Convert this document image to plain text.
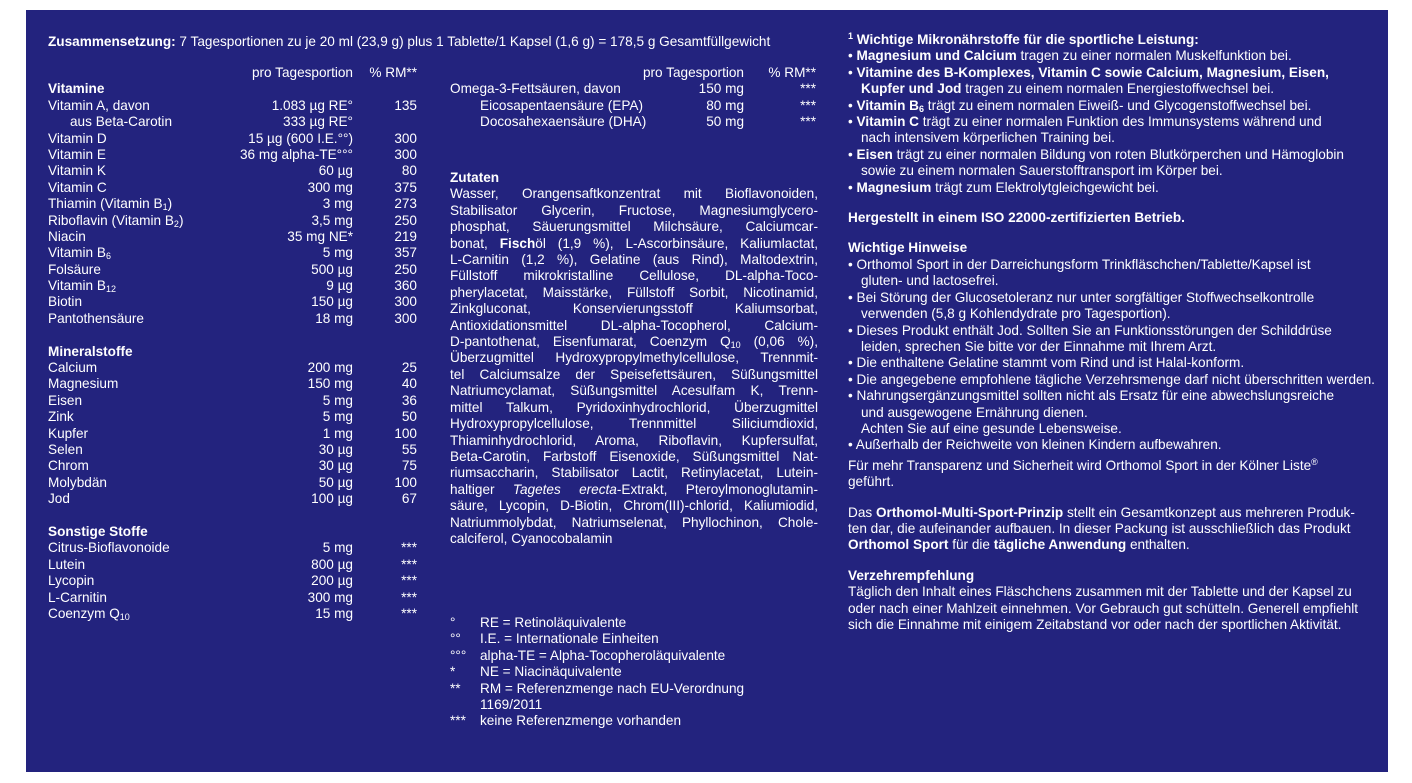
Zusammensetzung: 7 Tagesportionen zu je 20 ml (23,9 g) plus 1 Tablette/1 Kapsel (1,6 g) = 178,5 g Gesamtfüllgewicht
pro Tagesportion % RM**
Vitamine
Vitamin A, davon	1.083 µg RE°	135
aus Beta-Carotin	333 µg RE°
Vitamin D	15 µg (600 I.E.°°)	300
Vitamin E	36 mg alpha-TE°°°	300
Vitamin K	60 µg	80
Vitamin C	300 mg	375
Thiamin (Vitamin $B_1$)	3 mg	273
Riboflavin (Vitamin $B_2$)	3,5 mg	250
Niacin	35 mg NE*	219
Vitamin $B_6$	5 mg	357
Folsäure	500 µg	250
Vitamin $B_{12}$	9 µg	360
Biotin	150 µg	300
Pantothensäure	18 mg	300
Mineralstoffe
Calcium	200 mg	25
Magnesium	150 mg	40
Eisen	5 mg	36
Zink	5 mg	50
Kupfer	1 mg	100
Selen	30 µg	55
Chrom	30 µg	75
Molybdän	50 µg	100
Jod	100 µg	67
Sonstige Stoffe
Citrus-Bioflavonoide	5 mg	***
Lutein	800 µg	***
Lycopin	200 µg	***
L-Carnitin	300 mg	***
Coenzym $Q_{10}$	15 mg	***
pro Tagesportion % RM**
Omega-3-Fettsäuren, davon	150 mg	***
Eicosapentaensäure (EPA)	80 mg	***
Docosahexaensäure (DHA)	50 mg	***
Zutaten
Wasser, Orangensaftkonzentrat mit Bioflavonoiden,
Stabilisator Glycerin, Fructose, Magnesiumglycero-
phosphat, Säuerungsmittel Milchsäure, Calciumcar-
bonat, Fischöl (1,9 %), L-Ascorbinsäure, Kaliumlactat,
L-Carnitin (1,2 %), Gelatine (aus Rind), Maltodextrin,
Füllstoff mikrokristalline Cellulose, DL-alpha-Toco-
pherylacetat, Maisstärke, Füllstoff Sorbit, Nicotinamid,
Zinkgluconat, Konservierungsstoff Kaliumsorbat,
Antioxidationsmittel DL-alpha-Tocopherol, Calcium-
D-pantothenat, Eisenfumarat, Coenzym $Q_{10}$ (0,06 %),
Überzugmittel Hydroxypropylmethylcellulose, Trennmit-
tel Calciumsalze der Speisefettsäuren, Süßungsmittel
Natriumcyclamat, Süßungsmittel Acesulfam K, Trenn-
mittel Talkum, Pyridoxinhydrochlorid, Überzugmittel
Hydroxypropylcellulose, Trennmittel Siliciumdioxid,
Thiaminhydrochlorid, Aroma, Riboflavin, Kupfersulfat,
Beta-Carotin, Farbstoff Eisenoxide, Süßungsmittel Nat-
riumsaccharin, Stabilisator Lactit, Retinylacetat, Lutein-
haltiger Tagetes erecta-Extrakt, Pteroylmonoglutamin-
säure, Lycopin, D-Biotin, Chrom(III)-chlorid, Kaliumiodid,
Natriummolybdat, Natriumselenat, Phyllochinon, Chole-
calciferol, Cyanocobalamin
° RE = Retinoläquivalente
°° I.E. = Internationale Einheiten
°°° alpha-TE = Alpha-Tocopheroläquivalente
* NE = Niacinäquivalente
** RM = Referenzmenge nach EU-Verordnung
1169/2011
*** keine Referenzmenge vorhanden
$^1$ Wichtige Mikronährstoffe für die sportliche Leistung:
• Magnesium und Calcium tragen zu einer normalen Muskelfunktion bei.
• Vitamine des B-Komplexes, Vitamin C sowie Calcium, Magnesium, Eisen,
Kupfer und Jod tragen zu einem normalen Energiestoffwechsel bei.
• Vitamin $B_6$ trägt zu einem normalen Eiweiß- und Glycogenstoffwechsel bei.
• Vitamin C trägt zu einer normalen Funktion des Immunsystems während und
nach intensivem körperlichen Training bei.
• Eisen trägt zu einer normalen Bildung von roten Blutkörperchen und Hämoglobin
sowie zu einem normalen Sauerstofftransport im Körper bei.
• Magnesium trägt zum Elektrolytgleichgewicht bei.
Hergestellt in einem ISO 22000-zertifizierten Betrieb.
Wichtige Hinweise
• Orthomol Sport in der Darreichungsform Trinkfläschchen/Tablette/Kapsel ist
gluten- und lactosefrei.
• Bei Störung der Glucosetoleranz nur unter sorgfältiger Stoffwechselkontrolle
verwenden (5,8 g Kohlendydrate pro Tagesportion).
• Dieses Produkt enthält Jod. Sollten Sie an Funktionsstörungen der Schilddrüse
leiden, sprechen Sie bitte vor der Einnahme mit Ihrem Arzt.
• Die enthaltene Gelatine stammt vom Rind und ist Halal-konform.
• Die angegebene empfohlene tägliche Verzehrsmenge darf nicht überschritten werden.
• Nahrungsergänzungsmittel sollten nicht als Ersatz für eine abwechslungsreiche
und ausgewogene Ernährung dienen.
Achten Sie auf eine gesunde Lebensweise.
• Außerhalb der Reichweite von kleinen Kindern aufbewahren.
Für mehr Transparenz und Sicherheit wird Orthomol Sport in der Kölner Liste®
geführt.
Das Orthomol-Multi-Sport-Prinzip stellt ein Gesamtkonzept aus mehreren Produk-
ten dar, die aufeinander aufbauen. In dieser Packung ist ausschließlich das Produkt
Orthomol Sport für die tägliche Anwendung enthalten.
Verzehrempfehlung
Täglich den Inhalt eines Fläschchens zusammen mit der Tablette und der Kapsel zu
oder nach einer Mahlzeit einnehmen. Vor Gebrauch gut schütteln. Generell empfiehlt
sich die Einnahme mit einigem Zeitabstand vor oder nach der sportlichen Aktivität.
